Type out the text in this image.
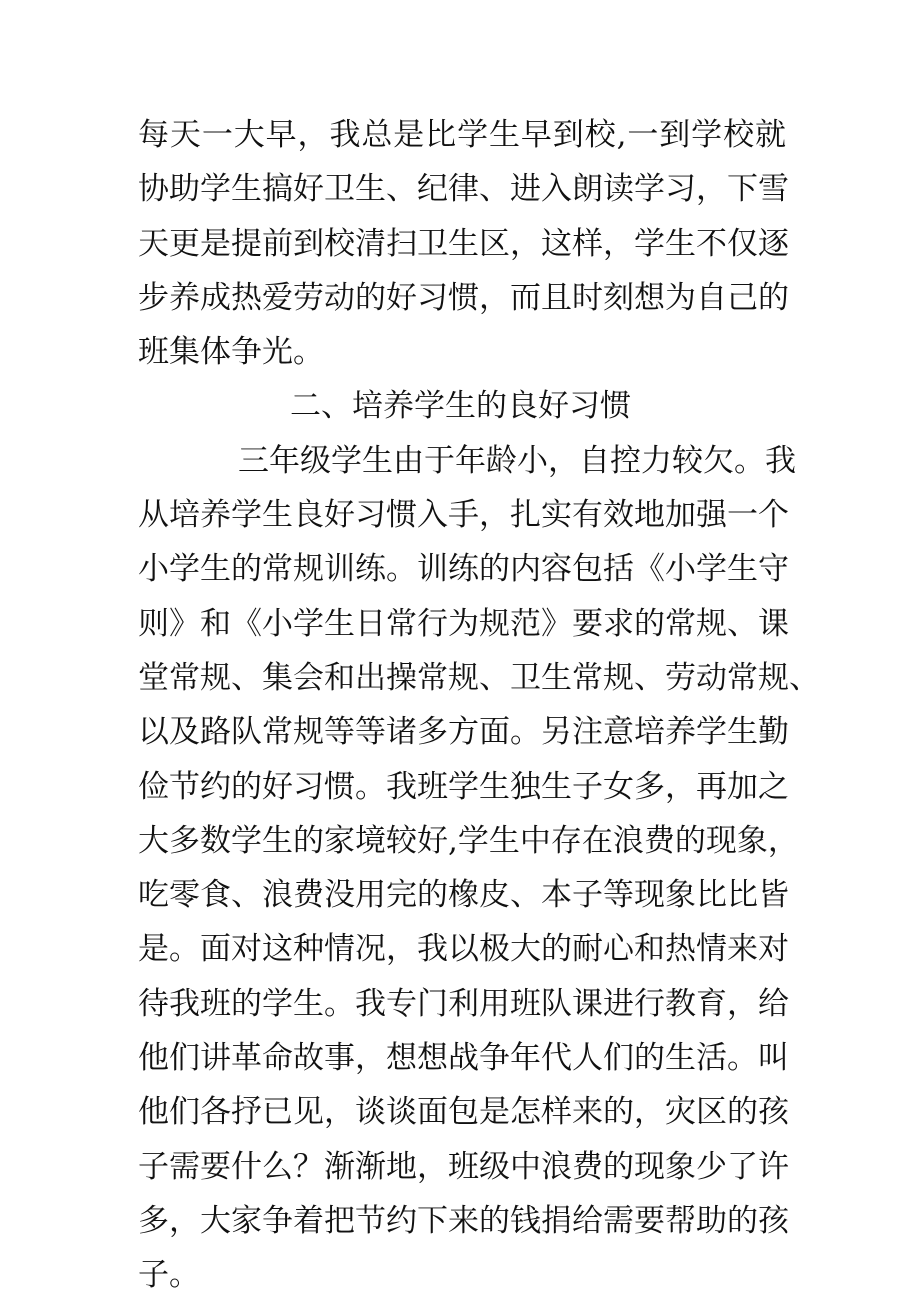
每天一大早，我总是比学生早到校,一到学校就
协助学生搞好卫生、纪律、进入朗读学习，下雪
天更是提前到校清扫卫生区，这样，学生不仅逐
步养成热爱劳动的好习惯，而且时刻想为自己的
班集体争光。
二、培养学生的良好习惯
三年级学生由于年龄小，自控力较欠。我
从培养学生良好习惯入手，扎实有效地加强一个
小学生的常规训练。训练的内容包括《小学生守
则》和《小学生日常行为规范》要求的常规、课
堂常规、集会和出操常规、卫生常规、劳动常规、
以及路队常规等等诸多方面。另注意培养学生勤
俭节约的好习惯。我班学生独生子女多，再加之
大多数学生的家境较好,学生中存在浪费的现象，
吃零食、浪费没用完的橡皮、本子等现象比比皆
是。面对这种情况，我以极大的耐心和热情来对
待我班的学生。我专门利用班队课进行教育，给
他们讲革命故事，想想战争年代人们的生活。叫
他们各抒已见，谈谈面包是怎样来的，灾区的孩
子需要什么？渐渐地，班级中浪费的现象少了许
多，大家争着把节约下来的钱捐给需要帮助的孩
子。
